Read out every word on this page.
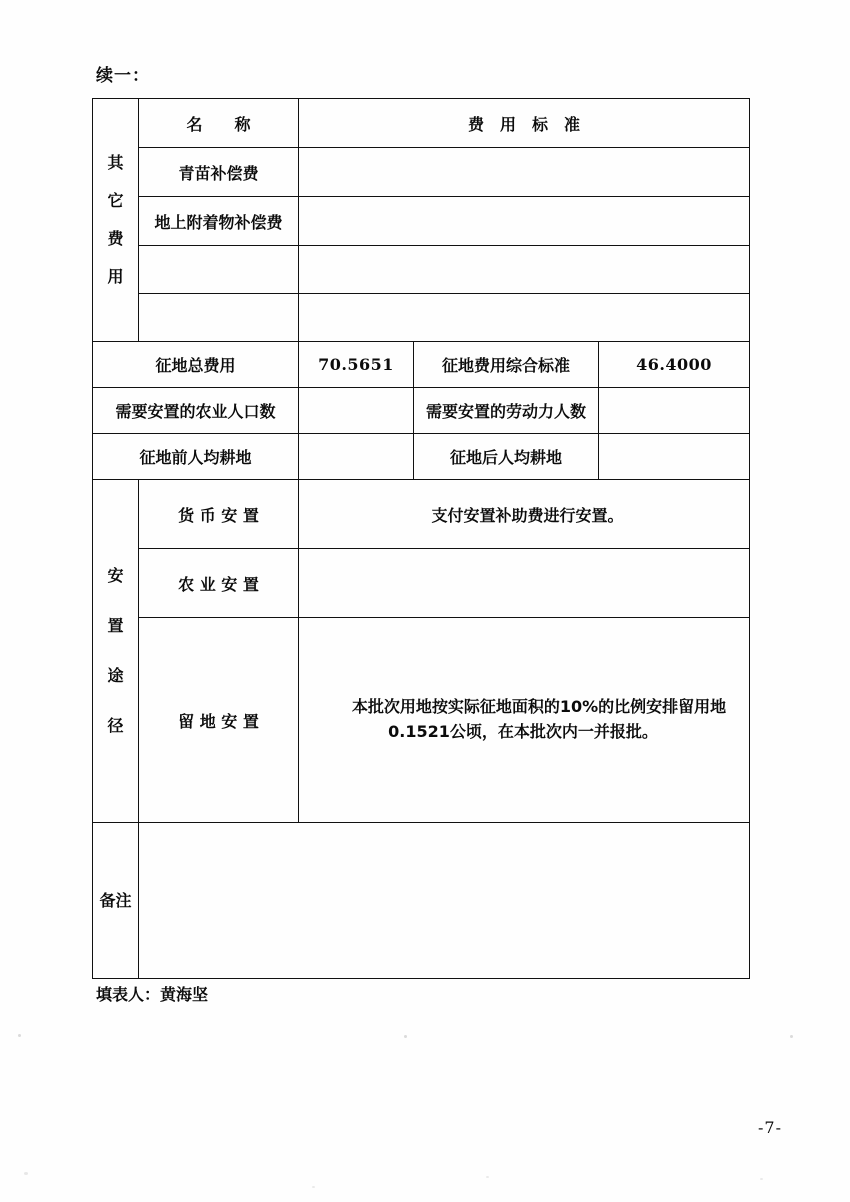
续一：
其
它
费
用	名　　称	费　用　标　准		
	青苗补偿费			
	地上附着物补偿费			

征地总费用		70.5651	征地费用综合标准	46.4000
需要安置的农业人口数			需要安置的劳动力人数	
征地前人均耕地			征地后人均耕地	

安
置
途
径	货 币 安 置	支付安置补助费进行安置。		
	农 业 安 置			
	留 地 安 置	本批次用地按实际征地面积的10%的比例安排留用地0.1521公顷，在本批次内一并报批。		

备注				

填表人：黄海坚
-7-
